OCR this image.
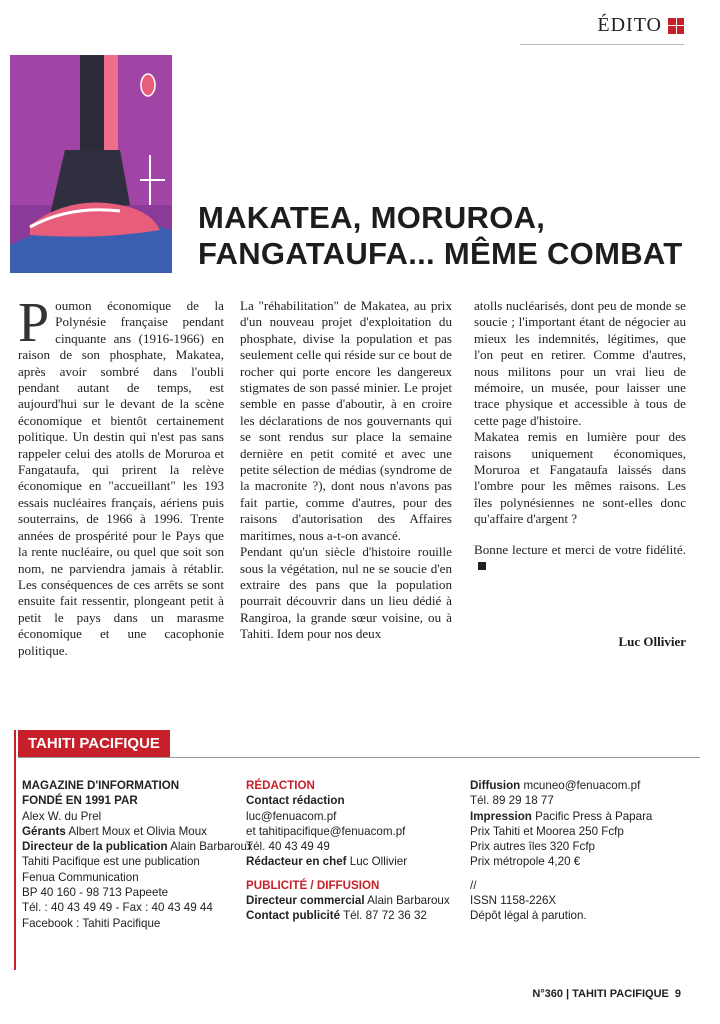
ÉDITO
MAKATEA, MORUROA,
FANGATAUFA... MÊME COMBAT

Poumon économique de la Polynésie française pendant cinquante ans (1916-1966) en raison de son phosphate, Makatea, après avoir sombré dans l'oubli pendant autant de temps, est aujourd'hui sur le devant de la scène économique et bientôt certainement politique. Un destin qui n'est pas sans rappeler celui des atolls de Moruroa et Fangataufa, qui prirent la relève économique en "accueillant" les 193 essais nucléaires français, aériens puis souterrains, de 1966 à 1996. Trente années de prospérité pour le Pays que la rente nucléaire, ou quel que soit son nom, ne parviendra jamais à rétablir. Les conséquences de ces arrêts se sont ensuite fait ressentir, plongeant petit à petit le pays dans un marasme économique et une cacophonie politique.

La "réhabilitation" de Makatea, au prix d'un nouveau projet d'exploitation du phosphate, divise la population et pas seulement celle qui réside sur ce bout de rocher qui porte encore les dangereux stigmates de son passé minier. Le projet semble en passe d'aboutir, à en croire les déclarations de nos gouvernants qui se sont rendus sur place la semaine dernière en petit comité et avec une petite sélection de médias (syndrome de la macronite ?), dont nous n'avons pas fait partie, comme d'autres, pour des raisons d'autorisation des Affaires maritimes, nous a-t-on avancé.

Pendant qu'un siècle d'histoire rouille sous la végétation, nul ne se soucie d'en extraire des pans que la population pourrait découvrir dans un lieu dédié à Rangiroa, la grande sœur voisine, ou à Tahiti. Idem pour nos deux

atolls nucléarisés, dont peu de monde se soucie ; l'important étant de négocier au mieux les indemnités, légitimes, que l'on peut en retirer. Comme d'autres, nous militons pour un vrai lieu de mémoire, un musée, pour laisser une trace physique et accessible à tous de cette page d'histoire.

Makatea remis en lumière pour des raisons uniquement économiques, Moruroa et Fangataufa laissés dans l'ombre pour les mêmes raisons. Les îles polynésiennes ne sont-elles donc qu'affaire d'argent ?

Bonne lecture et merci de votre fidélité.

Luc Ollivier
TAHITI PACIFIQUE
MAGAZINE D'INFORMATION
FONDÉ EN 1991 PAR
Alex W. du Prel
Gérants Albert Moux et Olivia Moux
Directeur de la publication Alain Barbaroux
Tahiti Pacifique est une publication
Fenua Communication
BP 40 160 - 98 713 Papeete
Tél. : 40 43 49 49 - Fax : 40 43 49 44
Facebook : Tahiti Pacifique
RÉDACTION
Contact rédaction
luc@fenuacom.pf
et tahitipacifique@fenuacom.pf
Tél. 40 43 49 49
Rédacteur en chef Luc Ollivier
PUBLICITÉ / DIFFUSION
Directeur commercial Alain Barbaroux
Contact publicité Tél. 87 72 36 32
Diffusion mcuneo@fenuacom.pf
Tél. 89 29 18 77
Impression Pacific Press à Papara
Prix Tahiti et Moorea 250 Fcfp
Prix autres îles 320 Fcfp
Prix métropole 4,20 €
//
ISSN 1158-226X
Dépôt légal à parution.
N°360 | TAHITI PACIFIQUE 9
